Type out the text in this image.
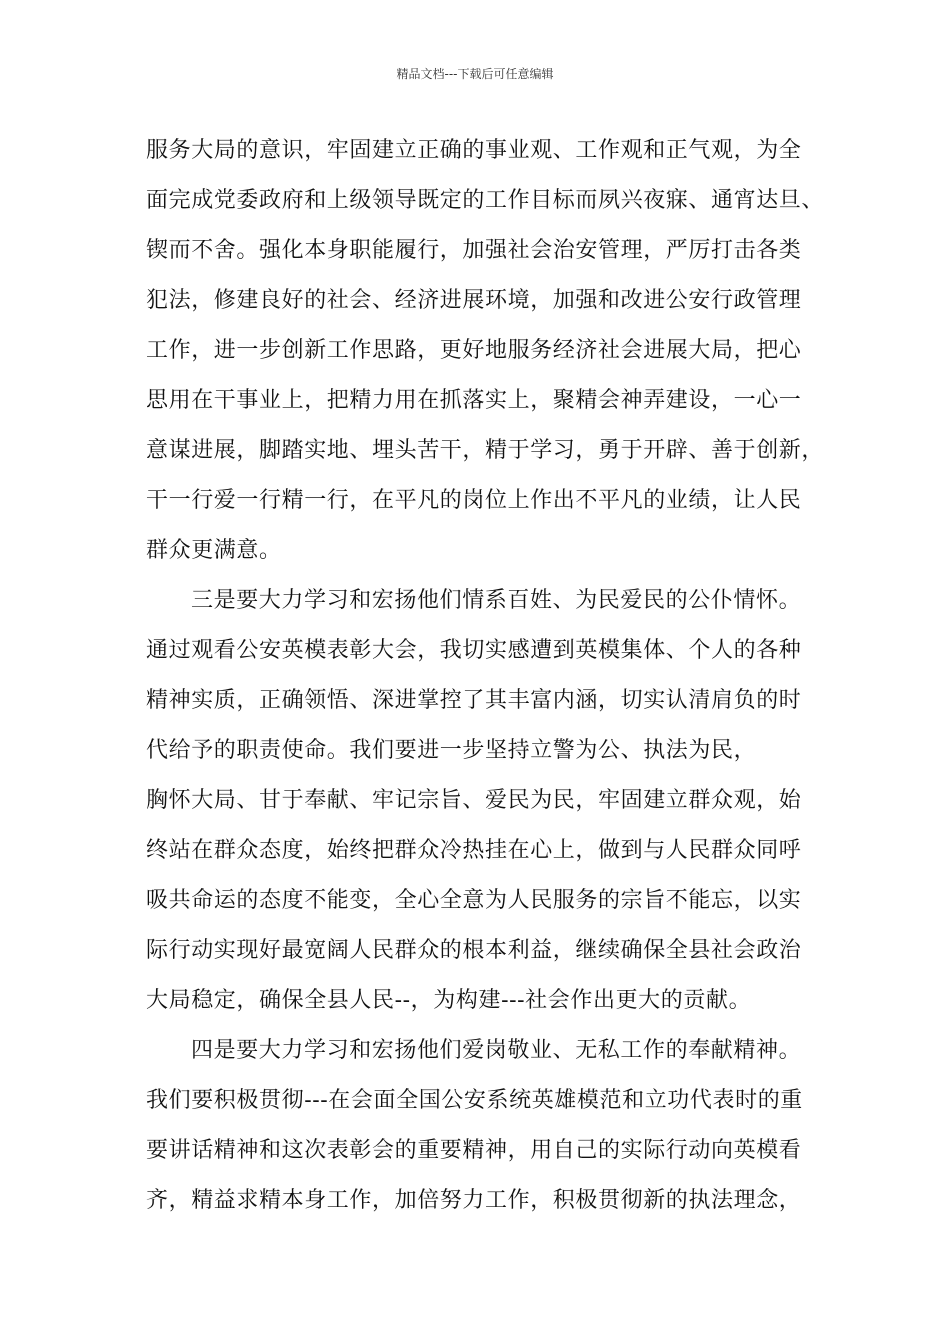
精品文档---下载后可任意编辑
服务大局的意识，牢固建立正确的事业观、工作观和正气观，为全
面完成党委政府和上级领导既定的工作目标而夙兴夜寐、通宵达旦、
锲而不舍。强化本身职能履行，加强社会治安管理，严厉打击各类
犯法，修建良好的社会、经济进展环境，加强和改进公安行政管理
工作，进一步创新工作思路，更好地服务经济社会进展大局，把心
思用在干事业上，把精力用在抓落实上，聚精会神弄建设，一心一
意谋进展，脚踏实地、埋头苦干，精于学习，勇于开辟、善于创新，
干一行爱一行精一行，在平凡的岗位上作出不平凡的业绩，让人民
群众更满意。
三是要大力学习和宏扬他们情系百姓、为民爱民的公仆情怀。
通过观看公安英模表彰大会，我切实感遭到英模集体、个人的各种
精神实质，正确领悟、深进掌控了其丰富内涵，切实认清肩负的时
代给予的职责使命。我们要进一步坚持立警为公、执法为民，
胸怀大局、甘于奉献、牢记宗旨、爱民为民，牢固建立群众观，始
终站在群众态度，始终把群众冷热挂在心上，做到与人民群众同呼
吸共命运的态度不能变，全心全意为人民服务的宗旨不能忘，以实
际行动实现好最宽阔人民群众的根本利益，继续确保全县社会政治
大局稳定，确保全县人民--，为构建---社会作出更大的贡献。
四是要大力学习和宏扬他们爱岗敬业、无私工作的奉献精神。
我们要积极贯彻---在会面全国公安系统英雄模范和立功代表时的重
要讲话精神和这次表彰会的重要精神，用自己的实际行动向英模看
齐，精益求精本身工作，加倍努力工作，积极贯彻新的执法理念，
